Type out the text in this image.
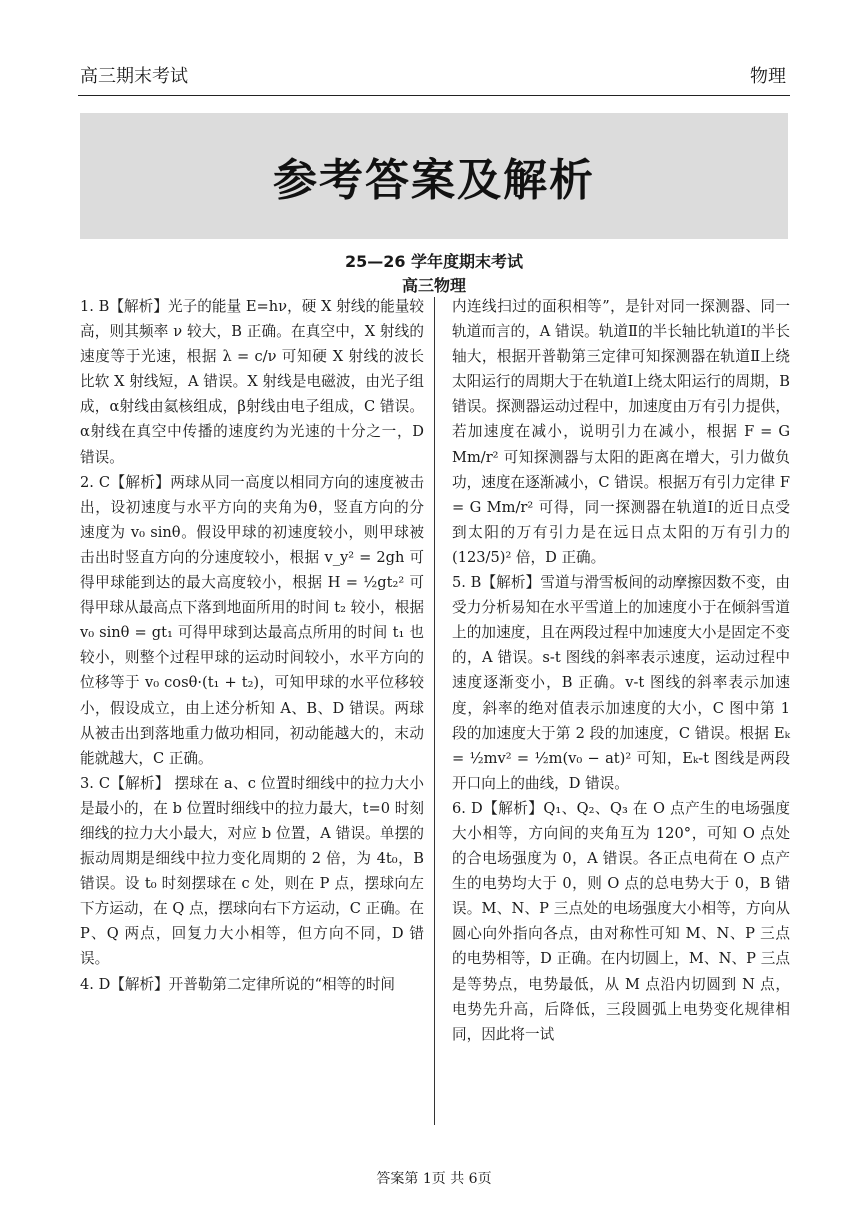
高三期末考试	物理
参考答案及解析
25—26 学年度期末考试
高三物理

1. B【解析】光子的能量 E=hν，硬 X 射线的能量较高，则其频率 ν 较大，B 正确。在真空中，X 射线的速度等于光速，根据 λ = c/ν 可知硬 X 射线的波长比软 X 射线短，A 错误。X 射线是电磁波，由光子组成，α射线由氦核组成，β射线由电子组成，C 错误。α射线在真空中传播的速度约为光速的十分之一，D 错误。

2. C【解析】两球从同一高度以相同方向的速度被击出，设初速度与水平方向的夹角为θ，竖直方向的分速度为 v₀ sinθ。假设甲球的初速度较小，则甲球被击出时竖直方向的分速度较小，根据 v_y² = 2gh 可得甲球能到达的最大高度较小，根据 H = ½gt₂² 可得甲球从最高点下落到地面所用的时间 t₂ 较小，根据 v₀ sinθ = gt₁ 可得甲球到达最高点所用的时间 t₁ 也较小，则整个过程甲球的运动时间较小，水平方向的位移等于 v₀ cosθ·(t₁ + t₂)，可知甲球的水平位移较小，假设成立，由上述分析知 A、B、D 错误。两球从被击出到落地重力做功相同，初动能越大的，末动能就越大，C 正确。

3. C【解析】 摆球在 a、c 位置时细线中的拉力大小是最小的，在 b 位置时细线中的拉力最大，t=0 时刻细线的拉力大小最大，对应 b 位置，A 错误。单摆的振动周期是细线中拉力变化周期的 2 倍，为 4t₀，B 错误。设 t₀ 时刻摆球在 c 处，则在 P 点，摆球向左下方运动，在 Q 点，摆球向右下方运动，C 正确。在 P、Q 两点，回复力大小相等，但方向不同，D 错误。

4. D【解析】开普勒第二定律所说的“相等的时间

内连线扫过的面积相等”，是针对同一探测器、同一轨道而言的，A 错误。轨道Ⅱ的半长轴比轨道Ⅰ的半长轴大，根据开普勒第三定律可知探测器在轨道Ⅱ上绕太阳运行的周期大于在轨道Ⅰ上绕太阳运行的周期，B 错误。探测器运动过程中，加速度由万有引力提供，若加速度在减小，说明引力在减小，根据 F = G Mm/r² 可知探测器与太阳的距离在增大，引力做负功，速度在逐渐减小，C 错误。根据万有引力定律 F = G Mm/r² 可得，同一探测器在轨道Ⅰ的近日点受到太阳的万有引力是在远日点太阳的万有引力的 (123/5)² 倍，D 正确。

5. B【解析】雪道与滑雪板间的动摩擦因数不变，由受力分析易知在水平雪道上的加速度小于在倾斜雪道上的加速度，且在两段过程中加速度大小是固定不变的，A 错误。s-t 图线的斜率表示速度，运动过程中速度逐渐变小，B 正确。v-t 图线的斜率表示加速度，斜率的绝对值表示加速度的大小，C 图中第 1 段的加速度大于第 2 段的加速度，C 错误。根据 Eₖ = ½mv² = ½m(v₀ − at)² 可知，Eₖ-t 图线是两段开口向上的曲线，D 错误。

6. D【解析】Q₁、Q₂、Q₃ 在 O 点产生的电场强度大小相等，方向间的夹角互为 120°，可知 O 点处的合电场强度为 0，A 错误。各正点电荷在 O 点产生的电势均大于 0，则 O 点的总电势大于 0，B 错误。M、N、P 三点处的电场强度大小相等，方向从圆心向外指向各点，由对称性可知 M、N、P 三点的电势相等，D 正确。在内切圆上，M、N、P 三点是等势点，电势最低，从 M 点沿内切圆到 N 点，电势先升高，后降低，三段圆弧上电势变化规律相同，因此将一试

答案第 1页 共 6页
